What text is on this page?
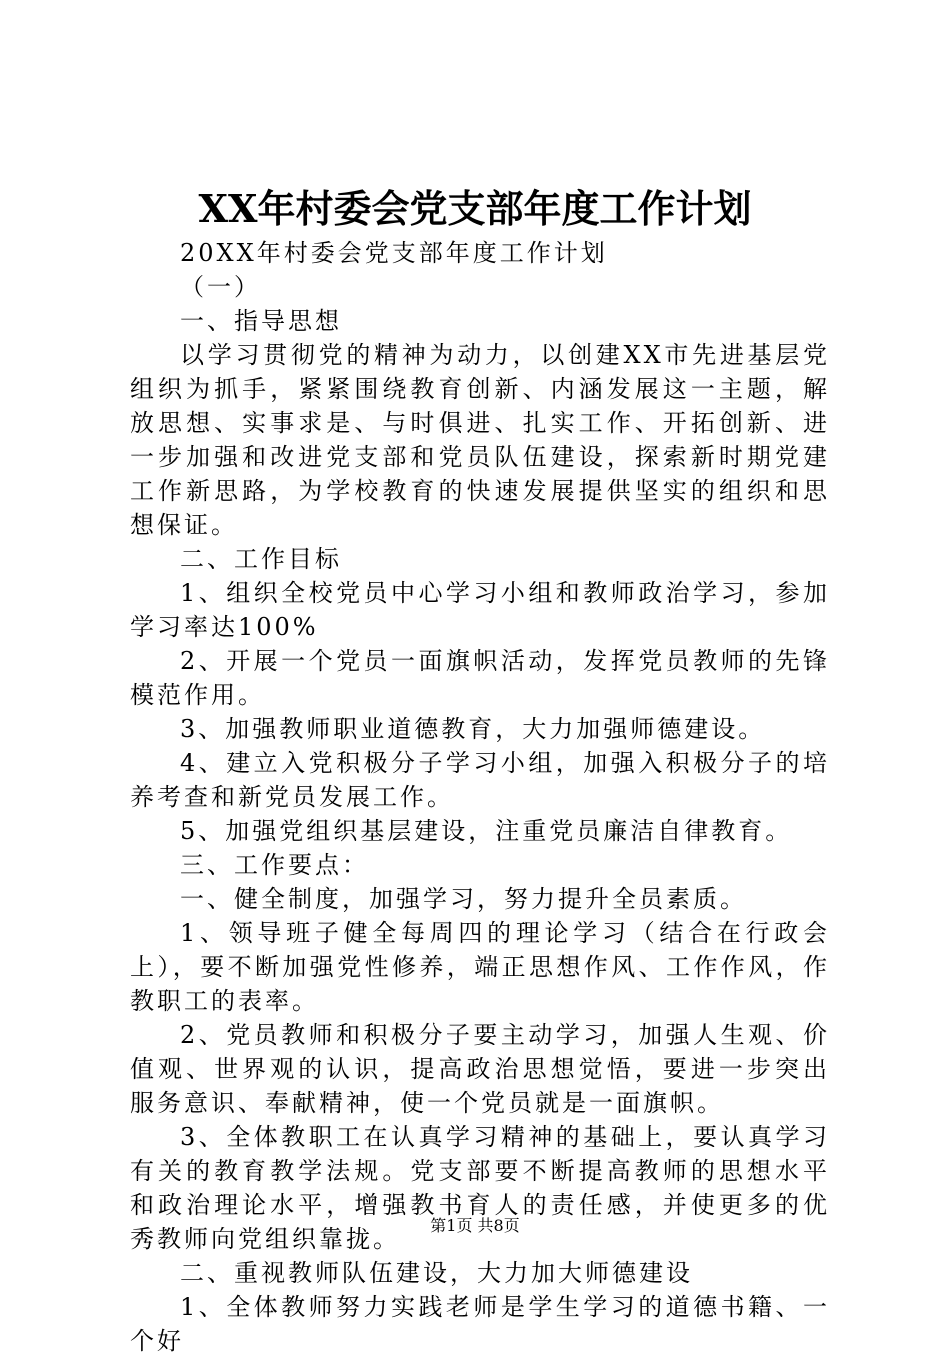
XX年村委会党支部年度工作计划

20XX年村委会党支部年度工作计划

（一）

一、指导思想

以学习贯彻党的精神为动力，以创建XX市先进基层党组织为抓手，紧紧围绕教育创新、内涵发展这一主题，解放思想、实事求是、与时俱进、扎实工作、开拓创新、进一步加强和改进党支部和党员队伍建设，探索新时期党建工作新思路，为学校教育的快速发展提供坚实的组织和思想保证。

二、工作目标

1、组织全校党员中心学习小组和教师政治学习，参加学习率达100%

2、开展一个党员一面旗帜活动，发挥党员教师的先锋模范作用。

3、加强教师职业道德教育，大力加强师德建设。

4、建立入党积极分子学习小组，加强入积极分子的培养考查和新党员发展工作。

5、加强党组织基层建设，注重党员廉洁自律教育。

三、工作要点：

一、健全制度，加强学习，努力提升全员素质。

1、领导班子健全每周四的理论学习（结合在行政会上），要不断加强党性修养，端正思想作风、工作作风，作教职工的表率。

2、党员教师和积极分子要主动学习，加强人生观、价值观、世界观的认识，提高政治思想觉悟，要进一步突出服务意识、奉献精神，使一个党员就是一面旗帜。

3、全体教职工在认真学习精神的基础上，要认真学习有关的教育教学法规。党支部要不断提高教师的思想水平和政治理论水平，增强教书育人的责任感，并使更多的优秀教师向党组织靠拢。

二、重视教师队伍建设，大力加大师德建设

1、全体教师努力实践老师是学生学习的道德书籍、一个好

第1页 共8页
